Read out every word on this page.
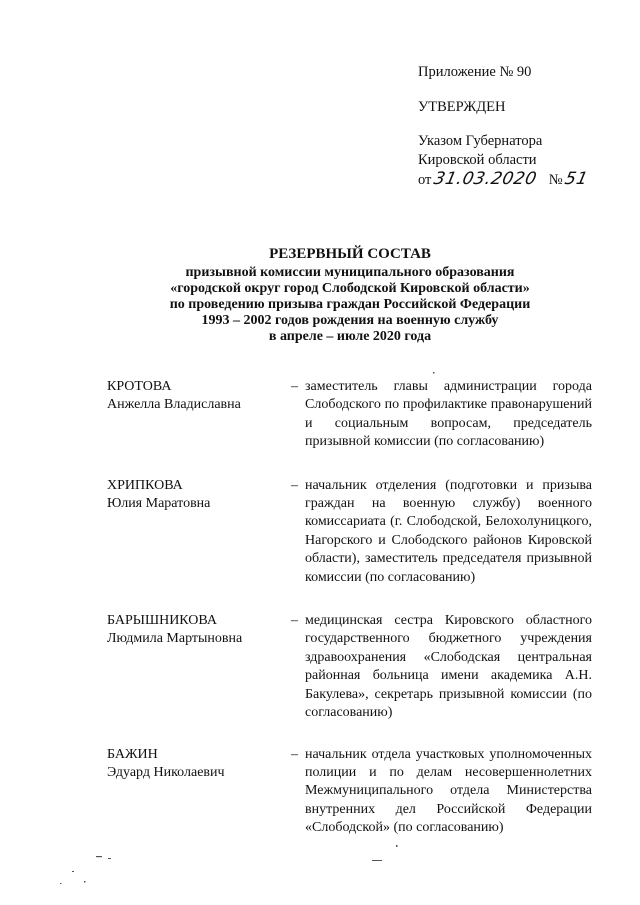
Приложение № 90
УТВЕРЖДЕН
Указом Губернатора
Кировской области
от31.03.2020 №51
РЕЗЕРВНЫЙ СОСТАВ
призывной комиссии муниципального образования
«городской округ город Слободской Кировской области»
по проведению призыва граждан Российской Федерации
1993 – 2002 годов рождения на военную службу
в апреле – июле 2020 года
КРОТОВА
Анжелла Владиславна
– заместитель главы администрации города Слободского по профилактике правонарушений и социальным вопросам, председатель призывной комиссии (по согласованию)
ХРИПКОВА
Юлия Маратовна
– начальник отделения (подготовки и призыва граждан на военную службу) военного комиссариата (г. Слободской, Белохолуницкого, Нагорского и Слободского районов Кировской области), заместитель председателя призывной комиссии (по согласованию)
БАРЫШНИКОВА
Людмила Мартыновна
– медицинская сестра Кировского областного государственного бюджетного учреждения здравоохранения «Слободская центральная районная больница имени академика А.Н. Бакулева», секретарь призывной комиссии (по согласованию)
БАЖИН
Эдуард Николаевич
– начальник отдела участковых уполномоченных полиции и по делам несовершеннолетних Межмуниципального отдела Министерства внутренних дел Российской Федерации «Слободской» (по согласованию)
